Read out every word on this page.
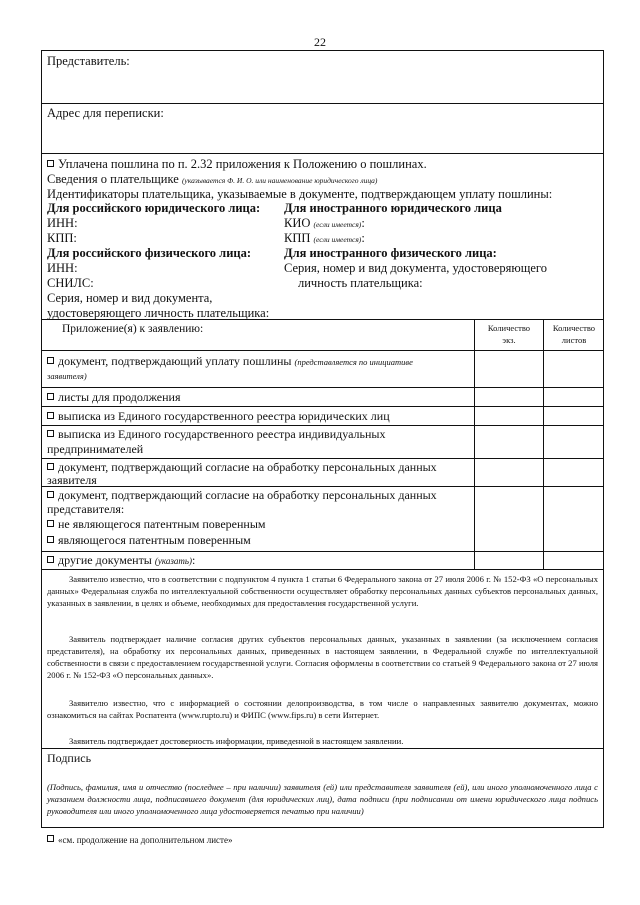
22
Представитель:
Адрес для переписки:
Уплачена пошлина по п. 2.32 приложения к Положению о пошлинах.
Сведения о плательщике (указывается Ф. И. О. или наименование юридического лица)
Идентификаторы плательщика, указываемые в документе, подтверждающем уплату пошлины:
Для российского юридического лица:
ИНН:
КПП:
Для иностранного юридического лица
КИО (если имеется):
КПП (если имеется):
Для российского физического лица:
ИНН:
СНИЛС:
Серия, номер и вид документа,
удостоверяющего личность плательщика:
Для иностранного физического лица:
Серия, номер и вид документа, удостоверяющего
личность плательщика:
Приложение(я) к заявлению:	Количество
экз.
Количество
листов
документ, подтверждающий уплату пошлины (представляется по инициативе
заявителя)
листы для продолжения
выписка из Единого государственного реестра юридических лиц
выписка из Единого государственного реестра индивидуальных
предпринимателей
документ, подтверждающий согласие на обработку персональных данных
заявителя
документ, подтверждающий согласие на обработку персональных данных
представителя:
не являющегося патентным поверенным
являющегося патентным поверенным
другие документы (указать):
Заявителю известно, что в соответствии с подпунктом 4 пункта 1 статьи 6 Федерального закона от 27 июля 2006 г. № 152-ФЗ «О персональных данных» Федеральная служба по интеллектуальной собственности осуществляет обработку персональных данных субъектов персональных данных, указанных в заявлении, в целях и объеме, необходимых для предоставления государственной услуги.
Заявитель подтверждает наличие согласия других субъектов персональных данных, указанных в заявлении (за исключением согласия представителя), на обработку их персональных данных, приведенных в настоящем заявлении, в Федеральной службе по интеллектуальной собственности в связи с предоставлением государственной услуги. Согласия оформлены в соответствии со статьей 9 Федерального закона от 27 июля 2006 г. № 152-ФЗ «О персональных данных».
Заявителю известно, что с информацией о состоянии делопроизводства, в том числе о направленных заявителю документах, можно ознакомиться на сайтах Роспатента (www.rupto.ru) и ФИПС (www.fips.ru) в сети Интернет.
Заявитель подтверждает достоверность информации, приведенной в настоящем заявлении.
Подпись
(Подпись, фамилия, имя и отчество (последнее – при наличии) заявителя (ей) или представителя заявителя (ей), или иного уполномоченного лица с указанием должности лица, подписавшего документ (для юридических лиц), дата подписи (при подписании от имени юридического лица подпись руководителя или иного уполномоченного лица удостоверяется печатью при наличии)
«см. продолжение на дополнительном листе»
